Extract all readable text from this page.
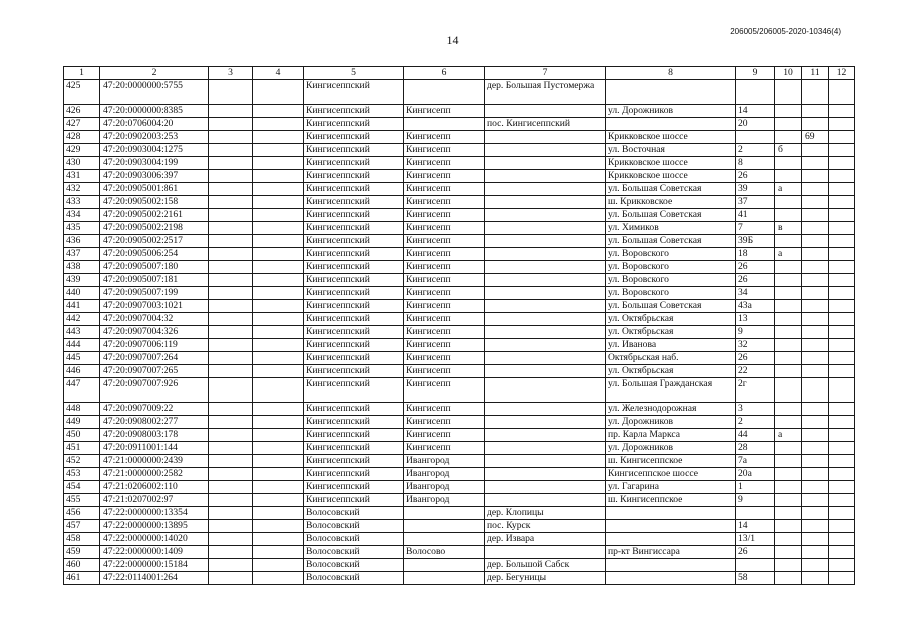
14
206005/206005-2020-10346(4)
1	2	3	4	5	6	7	8	9	10	11	12
425	47:20:0000000:5755			Кингисеппский		дер. Большая Пустомержа					
426	47:20:0000000:8385			Кингисеппский	Кингисепп		ул. Дорожников	14			
427	47:20:0706004:20			Кингисеппский		пос. Кингисеппский		20			
428	47:20:0902003:253			Кингисеппский	Кингисепп		Крикковское шоссе			69	
429	47:20:0903004:1275			Кингисеппский	Кингисепп		ул. Восточная	2	б		
430	47:20:0903004:199			Кингисеппский	Кингисепп		Крикковское шоссе	8			
431	47:20:0903006:397			Кингисеппский	Кингисепп		Крикковское шоссе	26			
432	47:20:0905001:861			Кингисеппский	Кингисепп		ул. Большая Советская	39	а		
433	47:20:0905002:158			Кингисеппский	Кингисепп		ш. Крикковское	37			
434	47:20:0905002:2161			Кингисеппский	Кингисепп		ул. Большая Советская	41			
435	47:20:0905002:2198			Кингисеппский	Кингисепп		ул. Химиков	7	в		
436	47:20:0905002:2517			Кингисеппский	Кингисепп		ул. Большая Советская	39Б			
437	47:20:0905006:254			Кингисеппский	Кингисепп		ул. Воровского	18	а		
438	47:20:0905007:180			Кингисеппский	Кингисепп		ул. Воровского	26			
439	47:20:0905007:181			Кингисеппский	Кингисепп		ул. Воровского	26			
440	47:20:0905007:199			Кингисеппский	Кингисепп		ул. Воровского	34			
441	47:20:0907003:1021			Кингисеппский	Кингисепп		ул. Большая Советская	43а			
442	47:20:0907004:32			Кингисеппский	Кингисепп		ул. Октябрьская	13			
443	47:20:0907004:326			Кингисеппский	Кингисепп		ул. Октябрьская	9			
444	47:20:0907006:119			Кингисеппский	Кингисепп		ул. Иванова	32			
445	47:20:0907007:264			Кингисеппский	Кингисепп		Октябрьская наб.	26			
446	47:20:0907007:265			Кингисеппский	Кингисепп		ул. Октябрьская	22			
447	47:20:0907007:926			Кингисеппский	Кингисепп		ул. Большая Гражданская	2г			
448	47:20:0907009:22			Кингисеппский	Кингисепп		ул. Железнодорожная	3			
449	47:20:0908002:277			Кингисеппский	Кингисепп		ул. Дорожников	2			
450	47:20:0908003:178			Кингисеппский	Кингисепп		пр. Карла Маркса	44	а		
451	47:20:0911001:144			Кингисеппский	Кингисепп		ул. Дорожников	28			
452	47:21:0000000:2439			Кингисеппский	Ивангород		ш. Кингисеппское	7а			
453	47:21:0000000:2582			Кингисеппский	Ивангород		Кингисеппское шоссе	20а			
454	47:21:0206002:110			Кингисеппский	Ивангород		ул. Гагарина	1			
455	47:21:0207002:97			Кингисеппский	Ивангород		ш. Кингисеппское	9			
456	47:22:0000000:13354			Волосовский		дер. Клопицы					
457	47:22:0000000:13895			Волосовский		пос. Курск		14			
458	47:22:0000000:14020			Волосовский		дер. Извара		13/1			
459	47:22:0000000:1409			Волосовский	Волосово		пр-кт Вингиссара	26			
460	47:22:0000000:15184			Волосовский		дер. Большой Сабск					
461	47:22:0114001:264			Волосовский		дер. Бегуницы		58			
